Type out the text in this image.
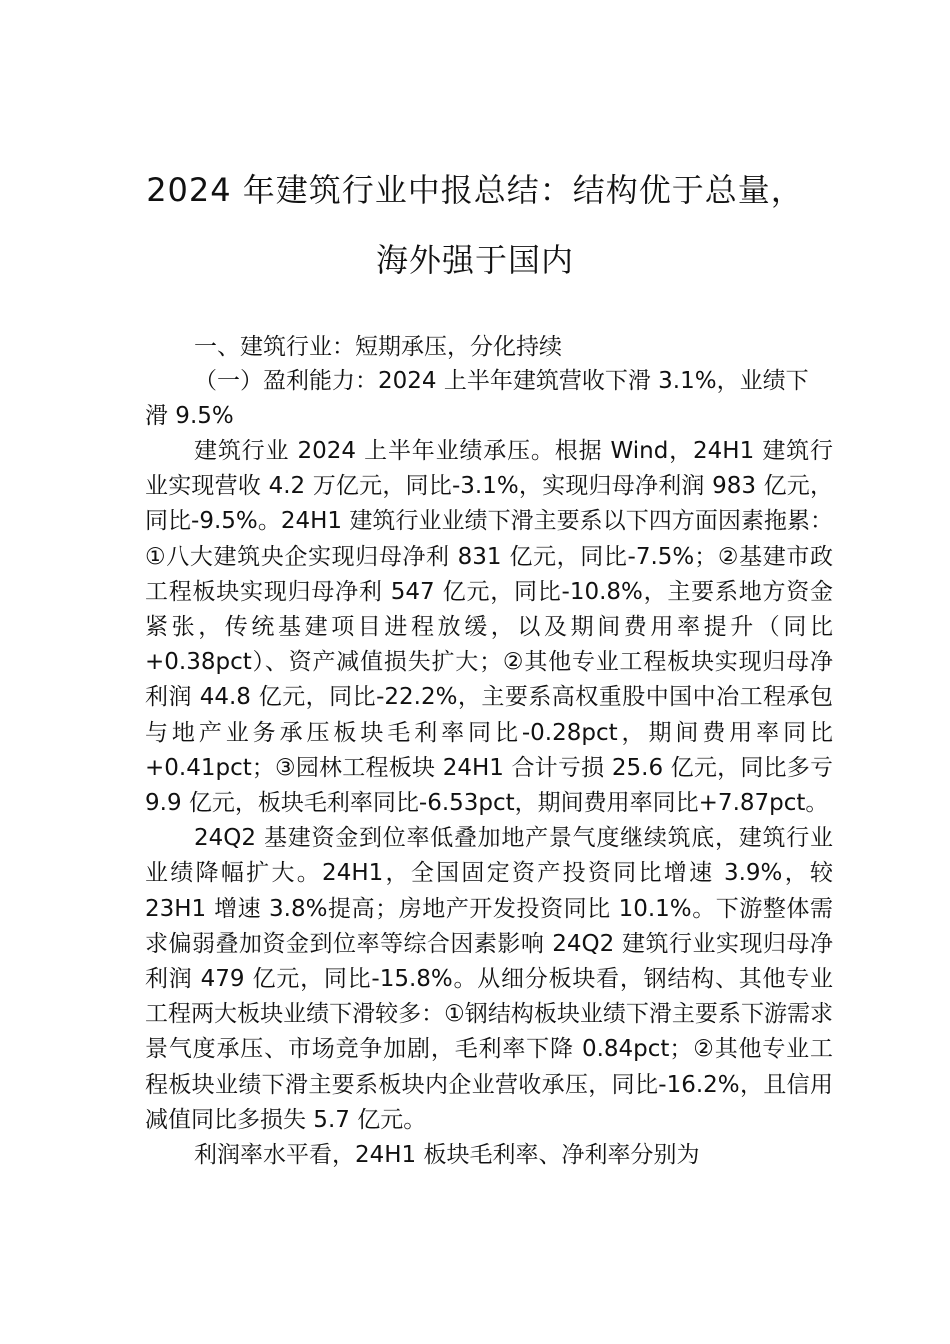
2024 年建筑行业中报总结：结构优于总量，
海外强于国内
一、建筑行业：短期承压，分化持续
（一）盈利能力：2024 上半年建筑营收下滑 3.1%，业绩下滑 9.5%

建筑行业 2024 上半年业绩承压。根据 Wind，24H1 建筑行业实现营收 4.2 万亿元，同比-3.1%，实现归母净利润 983 亿元，同比-9.5%。24H1 建筑行业业绩下滑主要系以下四方面因素拖累：①八大建筑央企实现归母净利 831 亿元，同比-7.5%；②基建市政工程板块实现归母净利 547 亿元，同比-10.8%，主要系地方资金紧张，传统基建项目进程放缓，以及期间费用率提升（同比+0.38pct）、资产减值损失扩大；②其他专业工程板块实现归母净利润 44.8 亿元，同比-22.2%，主要系高权重股中国中冶工程承包与地产业务承压板块毛利率同比-0.28pct，期间费用率同比+0.41pct；③园林工程板块 24H1 合计亏损 25.6 亿元，同比多亏 9.9 亿元，板块毛利率同比-6.53pct，期间费用率同比+7.87pct。

24Q2 基建资金到位率低叠加地产景气度继续筑底，建筑行业业绩降幅扩大。24H1，全国固定资产投资同比增速 3.9%，较 23H1 增速 3.8%提高；房地产开发投资同比 10.1%。下游整体需求偏弱叠加资金到位率等综合因素影响 24Q2 建筑行业实现归母净利润 479 亿元，同比-15.8%。从细分板块看，钢结构、其他专业工程两大板块业绩下滑较多：①钢结构板块业绩下滑主要系下游需求景气度承压、市场竞争加剧，毛利率下降 0.84pct；②其他专业工程板块业绩下滑主要系板块内企业营收承压，同比-16.2%，且信用减值同比多损失 5.7 亿元。

利润率水平看，24H1 板块毛利率、净利率分别为
